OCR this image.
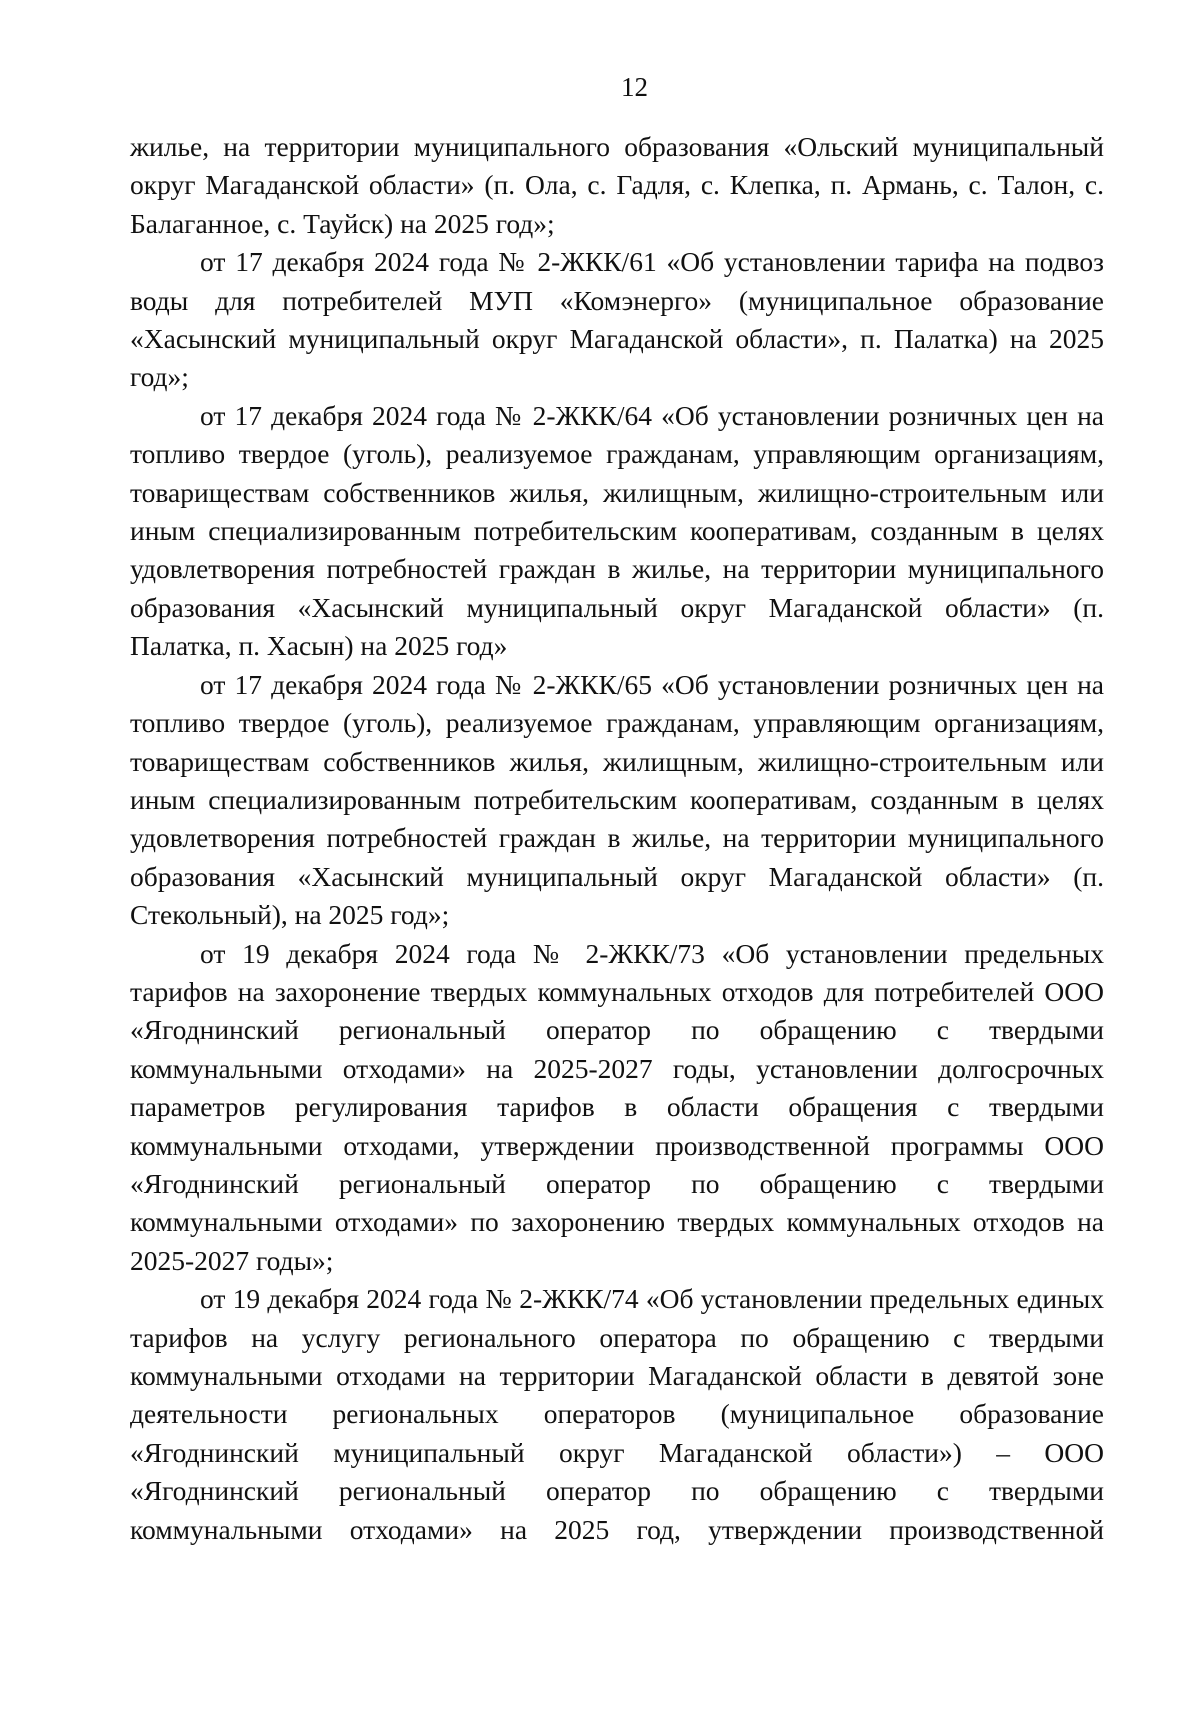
12

жилье, на территории муниципального образования «Ольский муниципальный округ Магаданской области» (п. Ола, с. Гадля, с. Клепка, п. Армань, с. Талон, с. Балаганное, с. Тауйск) на 2025 год»;

от 17 декабря 2024 года № 2-ЖКК/61 «Об установлении тарифа на подвоз воды для потребителей МУП «Комэнерго» (муниципальное образование «Хасынский муниципальный округ Магаданской области», п. Палатка) на 2025 год»;

от 17 декабря 2024 года № 2-ЖКК/64 «Об установлении розничных цен на топливо твердое (уголь), реализуемое гражданам, управляющим организациям, товариществам собственников жилья, жилищным, жилищно-строительным или иным специализированным потребительским кооперативам, созданным в целях удовлетворения потребностей граждан в жилье, на территории муниципального образования «Хасынский муниципальный округ Магаданской области» (п. Палатка, п. Хасын) на 2025 год»

от 17 декабря 2024 года № 2-ЖКК/65 «Об установлении розничных цен на топливо твердое (уголь), реализуемое гражданам, управляющим организациям, товариществам собственников жилья, жилищным, жилищно-строительным или иным специализированным потребительским кооперативам, созданным в целях удовлетворения потребностей граждан в жилье, на территории муниципального образования «Хасынский муниципальный округ Магаданской области» (п. Стекольный), на 2025 год»;

от 19 декабря 2024 года № 2-ЖКК/73 «Об установлении предельных тарифов на захоронение твердых коммунальных отходов для потребителей ООО «Ягоднинский региональный оператор по обращению с твердыми коммунальными отходами» на 2025-2027 годы, установлении долгосрочных параметров регулирования тарифов в области обращения с твердыми коммунальными отходами, утверждении производственной программы ООО «Ягоднинский региональный оператор по обращению с твердыми коммунальными отходами» по захоронению твердых коммунальных отходов на 2025-2027 годы»;

от 19 декабря 2024 года № 2-ЖКК/74 «Об установлении предельных единых тарифов на услугу регионального оператора по обращению с твердыми коммунальными отходами на территории Магаданской области в девятой зоне деятельности региональных операторов (муниципальное образование «Ягоднинский муниципальный округ Магаданской области») – ООО «Ягоднинский региональный оператор по обращению с твердыми коммунальными отходами» на 2025 год, утверждении производственной
